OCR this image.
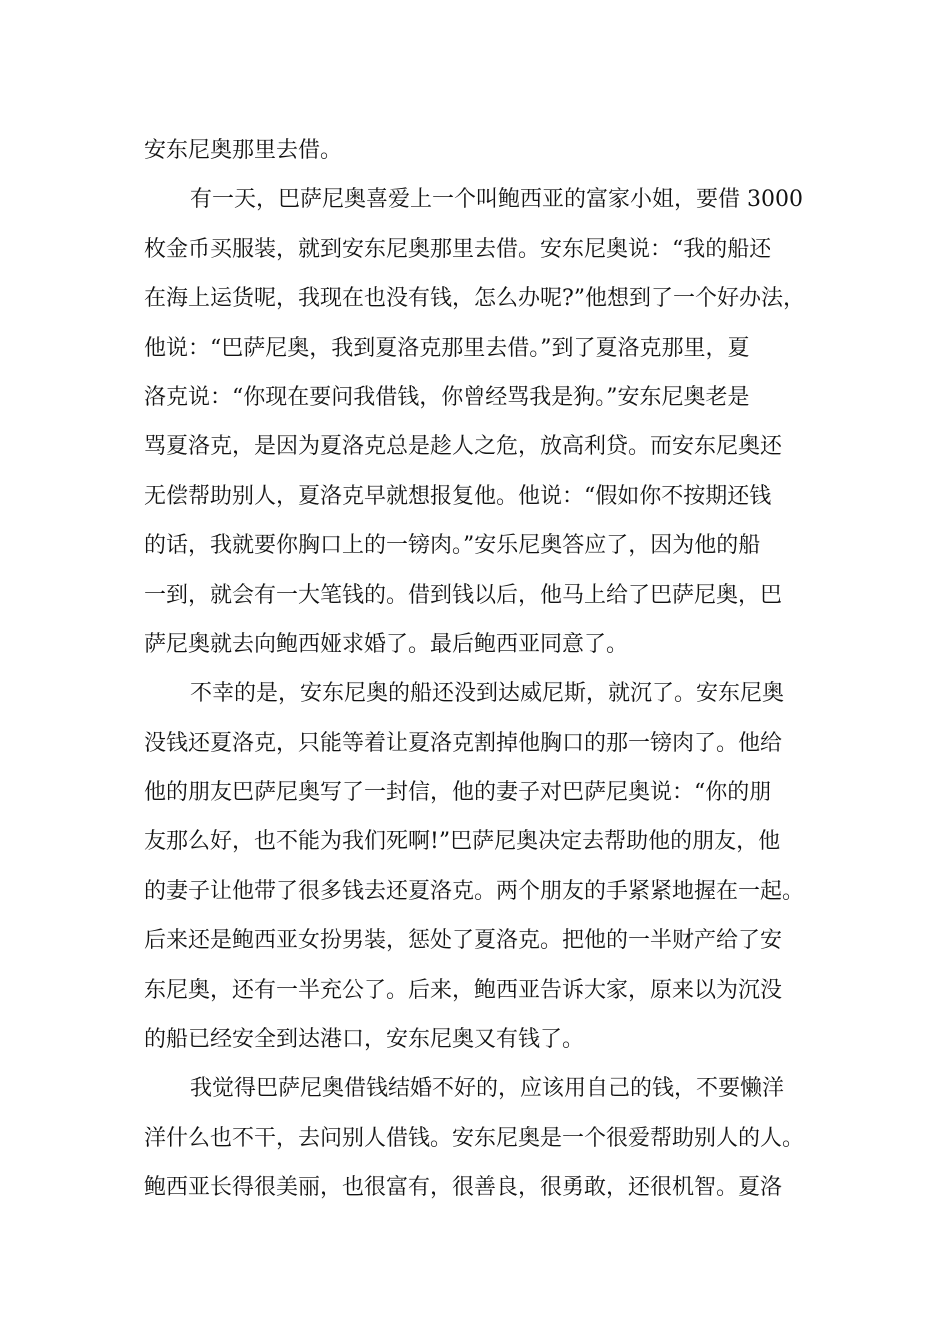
安东尼奥那里去借。
有一天，巴萨尼奥喜爱上一个叫鲍西亚的富家小姐，要借 3000
枚金币买服装，就到安东尼奥那里去借。安东尼奥说：“我的船还
在海上运货呢，我现在也没有钱，怎么办呢?”他想到了一个好办法，
他说：“巴萨尼奥，我到夏洛克那里去借。”到了夏洛克那里，夏
洛克说：“你现在要问我借钱，你曾经骂我是狗。”安东尼奥老是
骂夏洛克，是因为夏洛克总是趁人之危，放高利贷。而安东尼奥还
无偿帮助别人，夏洛克早就想报复他。他说：“假如你不按期还钱
的话，我就要你胸口上的一镑肉。”安乐尼奥答应了，因为他的船
一到，就会有一大笔钱的。借到钱以后，他马上给了巴萨尼奥，巴
萨尼奥就去向鲍西娅求婚了。最后鲍西亚同意了。
不幸的是，安东尼奥的船还没到达威尼斯，就沉了。安东尼奥
没钱还夏洛克，只能等着让夏洛克割掉他胸口的那一镑肉了。他给
他的朋友巴萨尼奥写了一封信，他的妻子对巴萨尼奥说：“你的朋
友那么好，也不能为我们死啊!”巴萨尼奥决定去帮助他的朋友，他
的妻子让他带了很多钱去还夏洛克。两个朋友的手紧紧地握在一起。
后来还是鲍西亚女扮男装，惩处了夏洛克。把他的一半财产给了安
东尼奥，还有一半充公了。后来，鲍西亚告诉大家，原来以为沉没
的船已经安全到达港口，安东尼奥又有钱了。
我觉得巴萨尼奥借钱结婚不好的，应该用自己的钱，不要懒洋
洋什么也不干，去问别人借钱。安东尼奥是一个很爱帮助别人的人。
鲍西亚长得很美丽，也很富有，很善良，很勇敢，还很机智。夏洛
